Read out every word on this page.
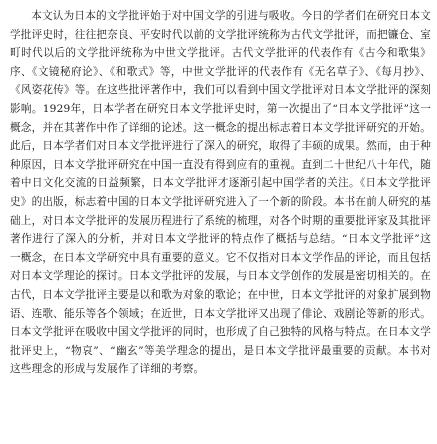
本文认为日本的文学批评始于对中国文学的引进与吸收。今日的学者们在研究日本文学批评史时，往往把奈良、平安时代以前的文学批评统称为古代文学批评，而把镰仓、室町时代以后的文学批评统称为中世文学批评。古代文学批评的代表作有《古今和歌集》序、《文镜秘府论》、《和歌式》等，中世文学批评的代表作有《无名草子》、《每月抄》、《风姿花传》等。在这些批评著作中，我们可以看到中国文学批评对日本文学批评的深刻影响。1929年，日本学者在研究日本文学批评史时，第一次提出了“日本文学批评”这一概念，并在其著作中作了详细的论述。这一概念的提出标志着日本文学批评研究的开始。此后，日本学者们对日本文学批评进行了深入的研究，取得了丰硕的成果。然而，由于种种原因，日本文学批评研究在中国一直没有得到应有的重视。直到二十世纪八十年代，随着中日文化交流的日益频繁，日本文学批评才逐渐引起中国学者的关注。《日本文学批评史》的出版，标志着中国的日本文学批评研究进入了一个新的阶段。本书在前人研究的基础上，对日本文学批评的发展历程进行了系统的梳理，对各个时期的重要批评家及其批评著作进行了深入的分析，并对日本文学批评的特点作了概括与总结。“日本文学批评”这一概念，在日本文学研究中具有重要的意义。它不仅指对日本文学作品的评论，而且包括对日本文学理论的探讨。日本文学批评的发展，与日本文学创作的发展是密切相关的。在古代，日本文学批评主要是以和歌为对象的歌论；在中世，日本文学批评的对象扩展到物语、连歌、能乐等各个领域；在近世，日本文学批评又出现了俳论、戏剧论等新的形式。日本文学批评在吸收中国文学批评的同时，也形成了自己独特的风格与特点。在日本文学批评史上，“物哀”、“幽玄”等美学理念的提出，是日本文学批评最重要的贡献。本书对这些理念的形成与发展作了详细的考察。
